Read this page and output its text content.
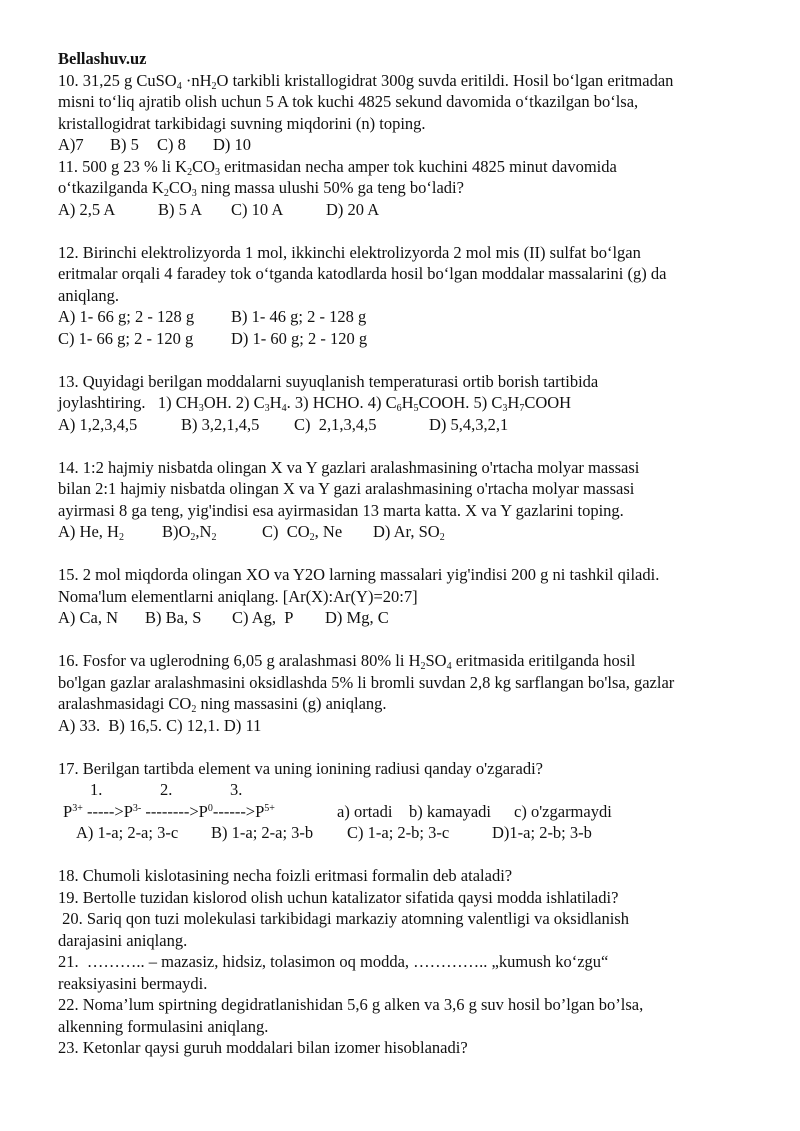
Bellashuv.uz
10. 31,25 g CuSO$_4$ $\cdot nH_2O$ tarkibli kristallogidrat 300g suvda eritildi. Hosil bo‘lgan eritmadan
misni to‘liq ajratib olish uchun 5 A tok kuchi 4825 sekund davomida o‘tkazilgan bo‘lsa,
kristallogidrat tarkibidagi suvning miqdorini (n) toping.
A)7 B) 5 C) 8 D) 10
11. 500 g 23 % li $K_2CO_3$ eritmasidan necha amper tok kuchini 4825 minut davomida
o‘tkazilganda $K_2CO_3$ ning massa ulushi 50% ga teng bo‘ladi?
A) 2,5 A	B) 5 A C) 10 A	D) 20 A
12. Birinchi elektrolizyorda 1 mol, ikkinchi elektrolizyorda 2 mol mis (II) sulfat bo‘lgan
eritmalar orqali 4 faradey tok o‘tganda katodlarda hosil bo‘lgan moddalar massalarini (g) da
aniqlang.
A) 1- 66 g; 2 - 128 g B) 1- 46 g; 2 - 128 g
C) 1- 66 g; 2 - 120 g D) 1- 60 g; 2 - 120 g
13. Quyidagi berilgan moddalarni suyuqlanish temperaturasi ortib borish tartibida
joylashtiring.   1) $CH_3OH$. 2) $C_3H_4$. 3) HCHO. 4) $C_6H_5COOH$. 5) $C_3H_7COOH$
A) 1,2,3,4,5	B) 3,2,1,4,5 C)  2,1,3,4,5	D) 5,4,3,2,1
14. 1:2 hajmiy nisbatda olingan X va Y gazlari aralashmasining o'rtacha molyar massasi
bilan 2:1 hajmiy nisbatda olingan X va Y gazi aralashmasining o'rtacha molyar massasi
ayirmasi 8 ga teng, yig'indisi esa ayirmasidan 13 marta katta. X va Y gazlarini toping.
A) He, $H_2$ $B)O_2,N_2$	C)  $CO_2$, Ne D) Ar, $SO_2$
15. 2 mol miqdorda olingan XO va Y2O larning massalari yig'indisi 200 g ni tashkil qiladi.
Noma'lum elementlarni aniqlang. [Ar(X):Ar(Y)=20:7]
A) Ca, N B) Ba, S C) Ag,  P D) Mg, C
16. Fosfor va uglerodning 6,05 g aralashmasi 80% li $H_2SO_4$ eritmasida eritilganda hosil
bo'lgan gazlar aralashmasini oksidlashda 5% li bromli suvdan 2,8 kg sarflangan bo'lsa, gazlar
aralashmasidagi $CO_2$ ning massasini (g) aniqlang.
A) 33.  B) 16,5. C) 12,1. D) 11
17. Berilgan tartibda element va uning ionining radiusi qanday o'zgaradi?
1.	2.	3.
$P^{3+}$ $----->P^{3-}$ $-------->P^0------>P^{5+}$	a) ortadi b) kamayadi c) o'zgarmaydi
A) 1-a; 2-a; 3-c B) 1-a; 2-a; 3-b C) 1-a; 2-b; 3-c	D)1-a; 2-b; 3-b
18. Chumoli kislotasining necha foizli eritmasi formalin deb ataladi?
19. Bertolle tuzidan kislorod olish uchun katalizator sifatida qaysi modda ishlatiladi?
20. Sariq qon tuzi molekulasi tarkibidagi markaziy atomning valentligi va oksidlanish
darajasini aniqlang.
21.  ……….. – mazasiz, hidsiz, tolasimon oq modda, ………….. „kumush ko‘zgu“
reaksiyasini bermaydi.
22. Noma’lum spirtning degidratlanishidan 5,6 g alken va 3,6 g suv hosil bo’lgan bo’lsa,
alkenning formulasini aniqlang.
23. Ketonlar qaysi guruh moddalari bilan izomer hisoblanadi?
